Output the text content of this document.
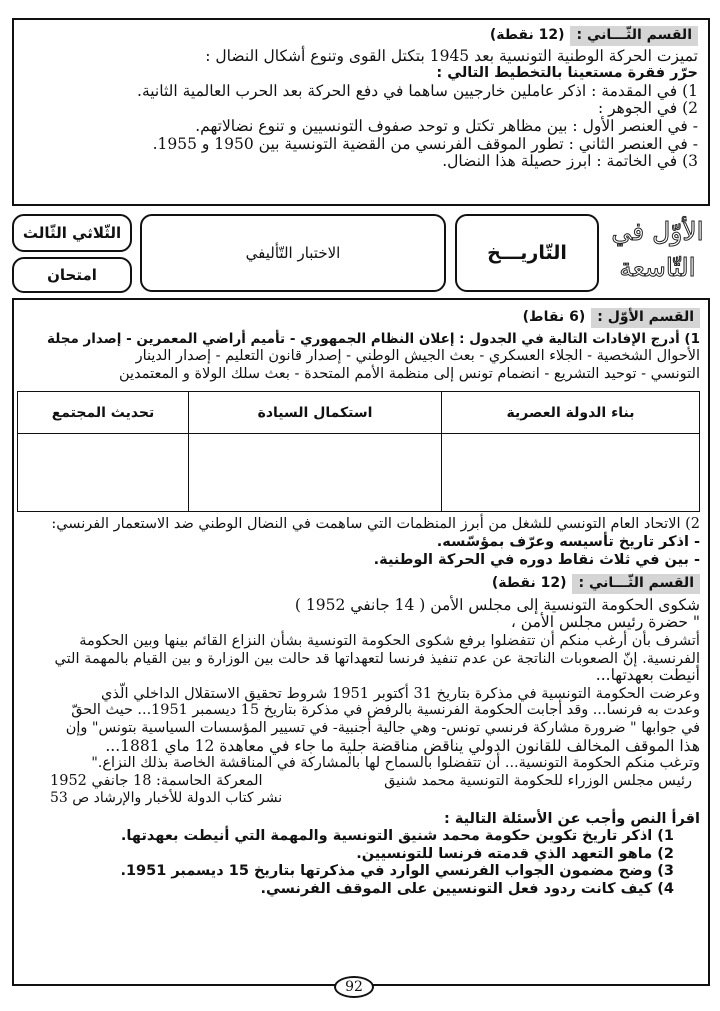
القسم الثّـــاني :(12 نقطة)
تميزت الحركة الوطنية التونسية بعد 1945 بتكتل القوى وتنوع أشكال النضال :
حرّر فقرة مستعينا بالتخطيط التالي :
1) في المقدمة : اذكر عاملين خارجيين ساهما في دفع الحركة بعد الحرب العالمية الثانية.
2) في الجوهر :
- في العنصر الأول : بين مظاهر تكتل و توحد صفوف التونسيين و تنوع نضالاتهم.
- في العنصر الثاني : تطور الموقف الفرنسي من القضية التونسية بين 1950 و 1955.
3) في الخاتمة : ابرز حصيلة هذا النضال.
الأوّل في التّاسعة
التّاريـــخ
الاختبار التّأليفي
الثّلاثي الثّالث
امتحان
القسم الأوّل :(6 نقاط)
1) أدرج الإفادات التالية في الجدول : إعلان النظام الجمهوري - تأميم أراضي المعمرين - إصدار مجلة
الأحوال الشخصية - الجلاء العسكري - بعث الجيش الوطني - إصدار قانون التعليم - إصدار الدينار
التونسي - توحيد التشريع - انضمام تونس إلى منظمة الأمم المتحدة - بعث سلك الولاة و المعتمدين
بناء الدولة العصرية	استكمال السيادة	تحديث المجتمع

2) الاتحاد العام التونسي للشغل من أبرز المنظمات التي ساهمت في النضال الوطني ضد الاستعمار الفرنسي:
- اذكر تاريخ تأسيسه وعرّف بمؤسّسه.
- بين في ثلاث نقاط دوره في الحركة الوطنية.
القسم الثّـــاني :(12 نقطة)
شكوى الحكومة التونسية إلى مجلس الأمن ( 14 جانفي 1952 )
" حضرة رئيس مجلس الأمن ،
أتشرف بأن أرغب منكم أن تتفضلوا برفع شكوى الحكومة التونسية بشأن النزاع القائم بينها وبين الحكومة
الفرنسية. إنّ الصعوبات الناتجة عن عدم تنفيذ فرنسا لتعهداتها قد حالت بين الوزارة و بين القيام بالمهمة التي
أنيطت بعهدتها...
وعرضت الحكومة التونسية في مذكرة بتاريخ 31 أكتوبر 1951 شروط تحقيق الاستقلال الداخلي الّذي
وعدت به فرنسا... وقد أجابت الحكومة الفرنسية بالرفض في مذكرة بتاريخ 15 ديسمبر 1951... حيث الحقّ
في جوابها " ضرورة مشاركة فرنسي تونس- وهي جالية أجنبية- في تسيير المؤسسات السياسية بتونس" وإن
هذا الموقف المخالف للقانون الدولي يناقض مناقضة جلية ما جاء في معاهدة 12 ماي 1881...
وترغب منكم الحكومة التونسية... أن تتفضلوا بالسماح لها بالمشاركة في المناقشة الخاصة بذلك النزاع."
رئيس مجلس الوزراء للحكومة التونسية محمد شنيق
المعركة الحاسمة: 18 جانفي 1952
نشر كتاب الدولة للأخبار والإرشاد ص 53
اقرأ النص وأجب عن الأسئلة التالية :
1) اذكر تاريخ تكوين حكومة محمد شنيق التونسية والمهمة التي أنيطت بعهدتها.
2) ماهو التعهد الذي قدمته فرنسا للتونسيين.
3) وضح مضمون الجواب الفرنسي الوارد في مذكرتها بتاريخ 15 ديسمبر 1951.
4) كيف كانت ردود فعل التونسيين على الموقف الفرنسي.
92
